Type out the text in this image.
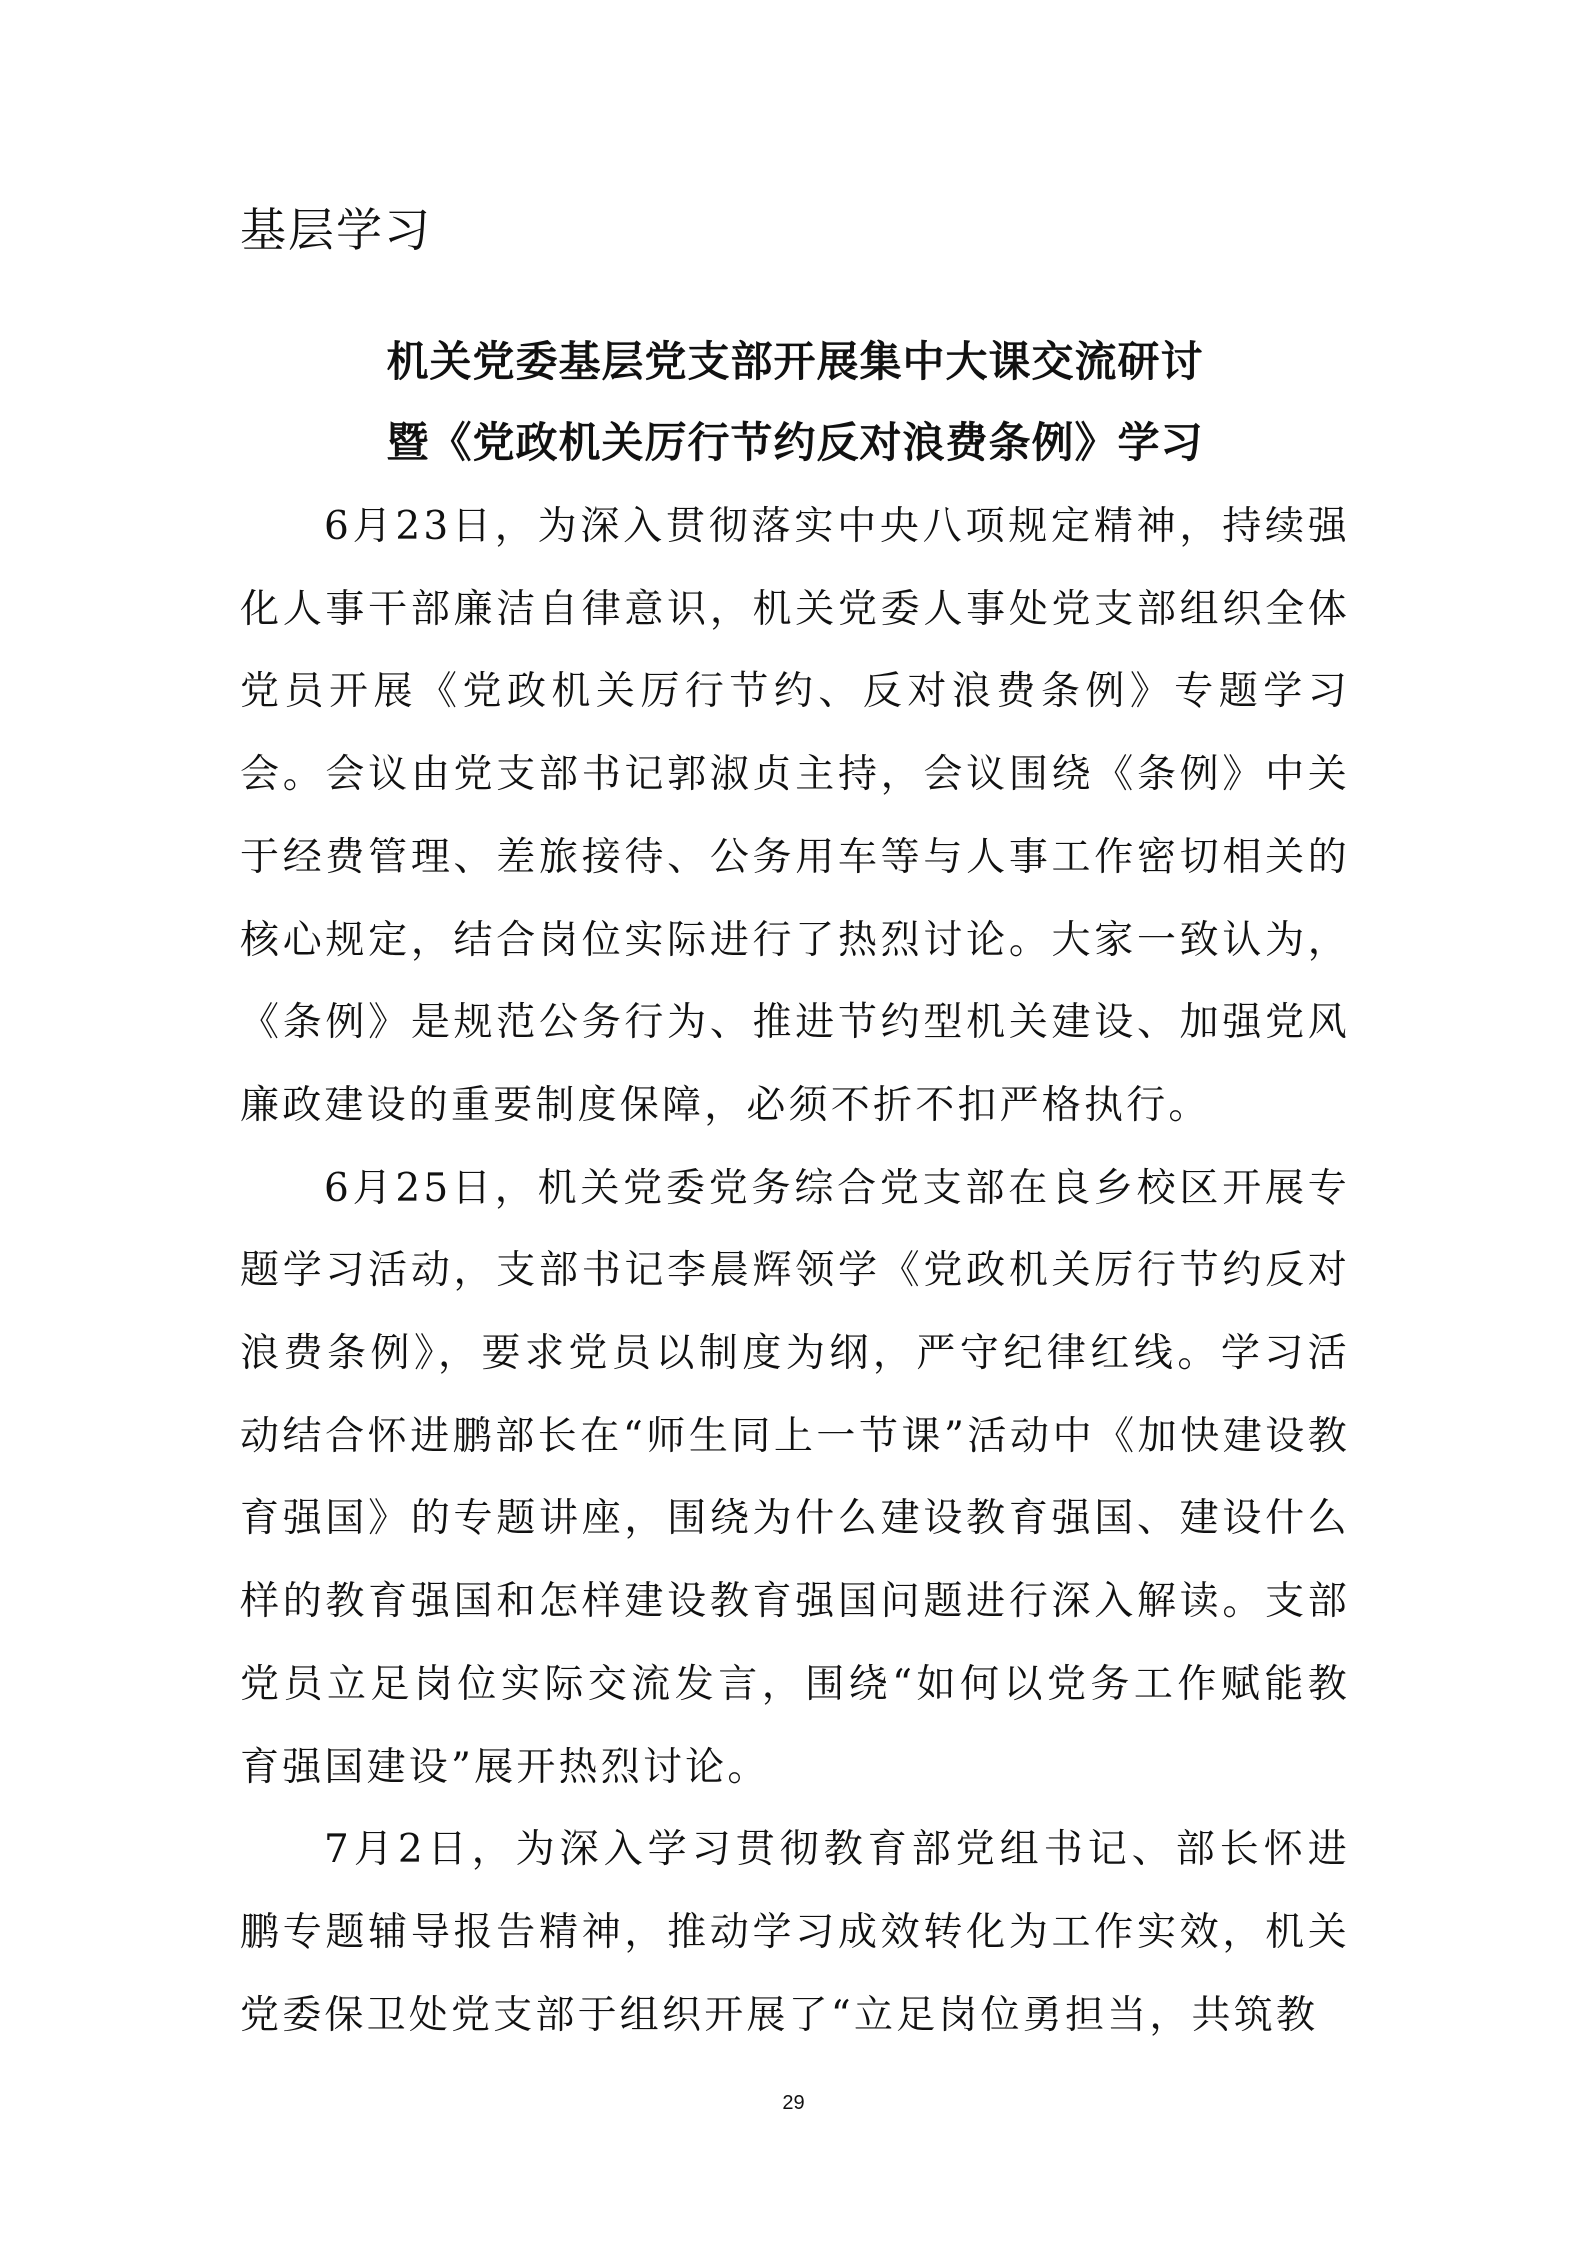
基层学习
机关党委基层党支部开展集中大课交流研讨
暨《党政机关厉行节约反对浪费条例》学习

6月23日，为深入贯彻落实中央八项规定精神，持续强化人事干部廉洁自律意识，机关党委人事处党支部组织全体党员开展《党政机关厉行节约、反对浪费条例》专题学习会。会议由党支部书记郭淑贞主持，会议围绕《条例》中关于经费管理、差旅接待、公务用车等与人事工作密切相关的核心规定，结合岗位实际进行了热烈讨论。大家一致认为，《条例》是规范公务行为、推进节约型机关建设、加强党风廉政建设的重要制度保障，必须不折不扣严格执行。

6月25日，机关党委党务综合党支部在良乡校区开展专题学习活动，支部书记李晨辉领学《党政机关厉行节约反对浪费条例》，要求党员以制度为纲，严守纪律红线。学习活动结合怀进鹏部长在“师生同上一节课”活动中《加快建设教育强国》的专题讲座，围绕为什么建设教育强国、建设什么样的教育强国和怎样建设教育强国问题进行深入解读。支部党员立足岗位实际交流发言，围绕“如何以党务工作赋能教育强国建设”展开热烈讨论。

7月2日，为深入学习贯彻教育部党组书记、部长怀进鹏专题辅导报告精神，推动学习成效转化为工作实效，机关党委保卫处党支部于组织开展了“立足岗位勇担当，共筑教

29
